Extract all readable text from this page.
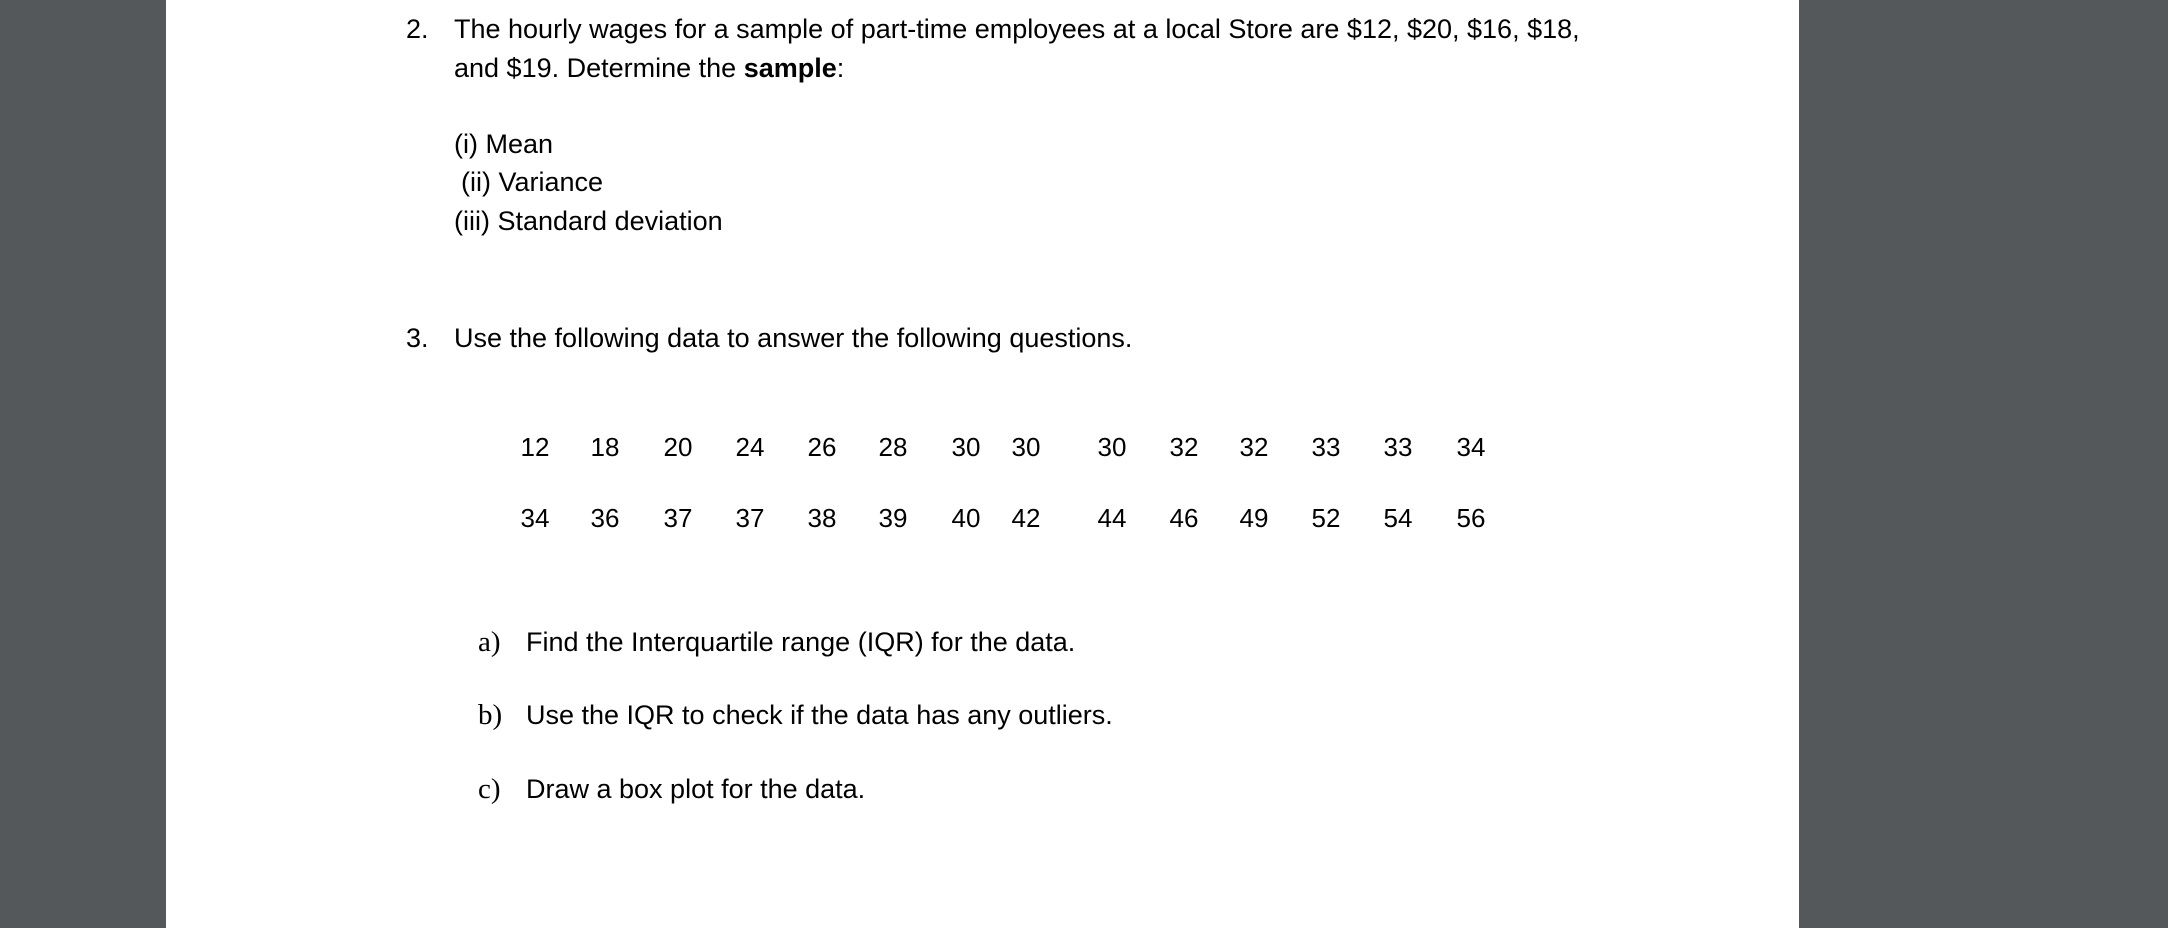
2. The hourly wages for a sample of part-time employees at a local Store are $12, $20, $16, $18,
and $19. Determine the sample:
(i) Mean
(ii) Variance
(iii) Standard deviation
3. Use the following data to answer the following questions.
12	18	20	24	26	28	30	30	30	32	32	33	33	34
34	36	37	37	38	39	40	42	44	46	49	52	54	56
a) Find the Interquartile range (IQR) for the data.
b) Use the IQR to check if the data has any outliers.
c) Draw a box plot for the data.
